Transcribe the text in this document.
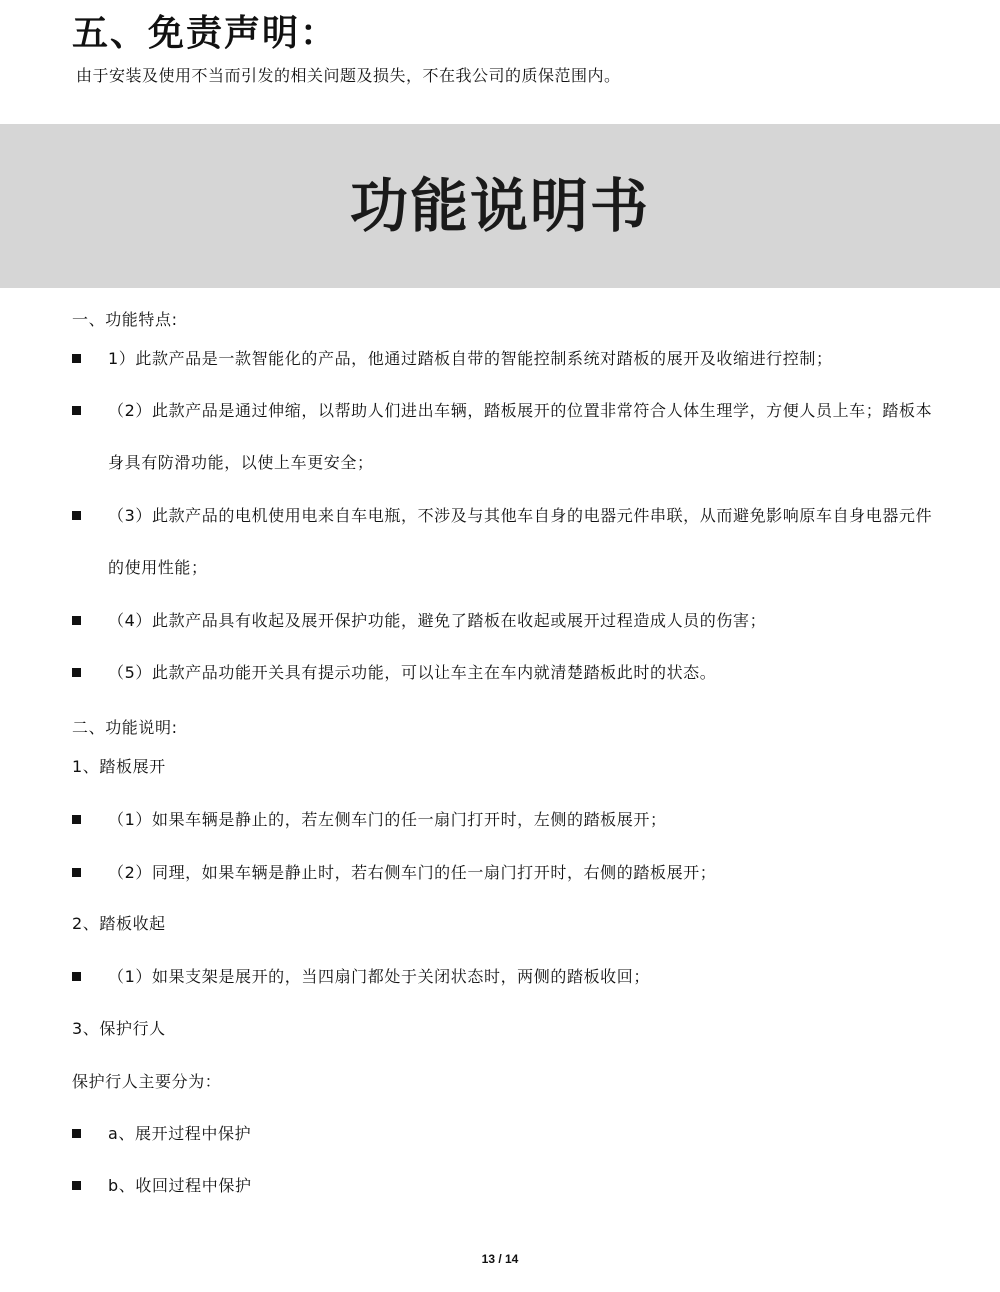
五、免责声明：

由于安装及使用不当而引发的相关问题及损失，不在我公司的质保范围内。

功能说明书

一、功能特点:

1）此款产品是一款智能化的产品，他通过踏板自带的智能控制系统对踏板的展开及收缩进行控制；

（2）此款产品是通过伸缩，以帮助人们进出车辆，踏板展开的位置非常符合人体生理学，方便人员上车；踏板本身具有防滑功能，以使上车更安全；

（3）此款产品的电机使用电来自车电瓶，不涉及与其他车自身的电器元件串联，从而避免影响原车自身电器元件的使用性能；

（4）此款产品具有收起及展开保护功能，避免了踏板在收起或展开过程造成人员的伤害；

（5）此款产品功能开关具有提示功能，可以让车主在车内就清楚踏板此时的状态。

二、功能说明:

1、踏板展开

（1）如果车辆是静止的，若左侧车门的任一扇门打开时，左侧的踏板展开；

（2）同理，如果车辆是静止时，若右侧车门的任一扇门打开时，右侧的踏板展开；

2、踏板收起

（1）如果支架是展开的，当四扇门都处于关闭状态时，两侧的踏板收回；

3、保护行人

保护行人主要分为：

a、展开过程中保护

b、收回过程中保护

13 / 14
